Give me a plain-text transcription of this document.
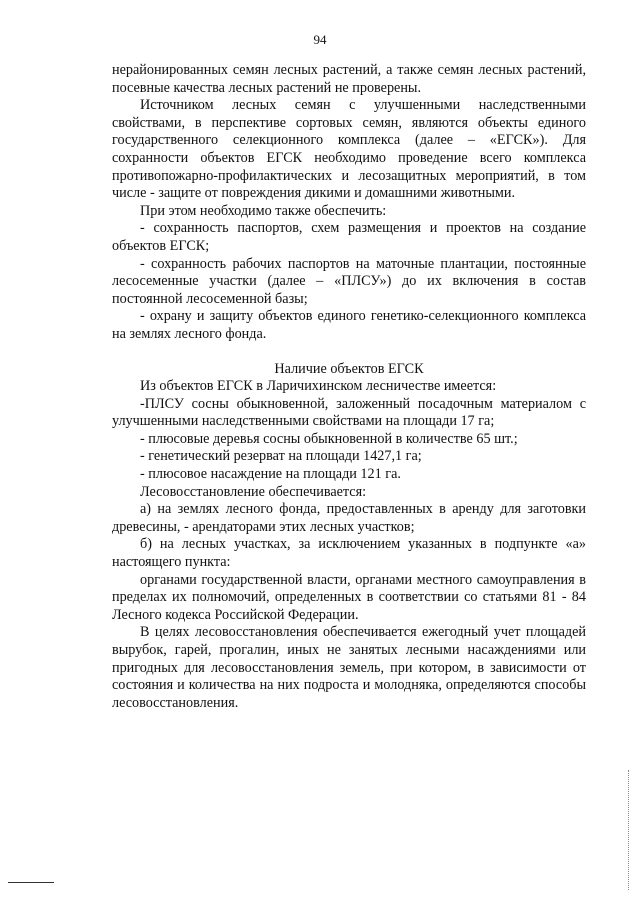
94

нерайонированных семян лесных растений, а также семян лесных растений, посевные качества лесных растений не проверены.

Источником лесных семян с улучшенными наследственными свойствами, в перспективе сортовых семян, являются объекты единого государственного селекционного комплекса (далее – «ЕГСК»). Для сохранности объектов ЕГСК необходимо проведение всего комплекса противопожарно-профилактических и лесозащитных мероприятий, в том числе - защите от повреждения дикими и домашними животными.

При этом необходимо также обеспечить:

- сохранность паспортов, схем размещения и проектов на создание объектов ЕГСК;

- сохранность рабочих паспортов на маточные плантации, постоянные лесосеменные участки (далее – «ПЛСУ») до их включения в состав постоянной лесосеменной базы;

- охрану и защиту объектов единого генетико-селекционного комплекса на землях лесного фонда.

Наличие объектов ЕГСК

Из объектов ЕГСК в Ларичихинском лесничестве имеется:

-ПЛСУ сосны обыкновенной, заложенный посадочным материалом с улучшенными наследственными свойствами на площади 17 га;

- плюсовые деревья сосны обыкновенной в количестве 65 шт.;

- генетический резерват на площади 1427,1 га;

- плюсовое насаждение на площади 121 га.

Лесовосстановление обеспечивается:

а) на землях лесного фонда, предоставленных в аренду для заготовки древесины, - арендаторами этих лесных участков;

б) на лесных участках, за исключением указанных в подпункте «а» настоящего пункта:

органами государственной власти, органами местного самоуправления в пределах их полномочий, определенных в соответствии со статьями 81 - 84 Лесного кодекса Российской Федерации.

В целях лесовосстановления обеспечивается ежегодный учет площадей вырубок, гарей, прогалин, иных не занятых лесными насаждениями или пригодных для лесовосстановления земель, при котором, в зависимости от состояния и количества на них подроста и молодняка, определяются способы лесовосстановления.
